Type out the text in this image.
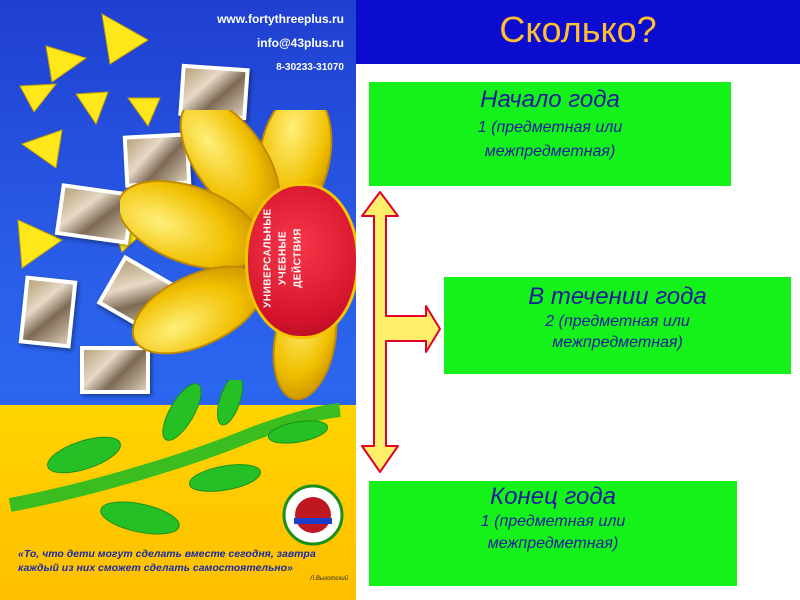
www.fortythreeplus.ru
info@43plus.ru
8-30233-31070
УНИВЕРСАЛЬНЫЕ УЧЕБНЫЕ ДЕЙСТВИЯ
«То, что дети могут сделать вместе сегодня, завтра каждый из них сможет сделать самостоятельно»
Л.Выготский
Сколько?
Начало года
1 (предметная или
межпредметная)
В течении года
2 (предметная или
межпредметная)
Конец года
1 (предметная или
межпредметная)
